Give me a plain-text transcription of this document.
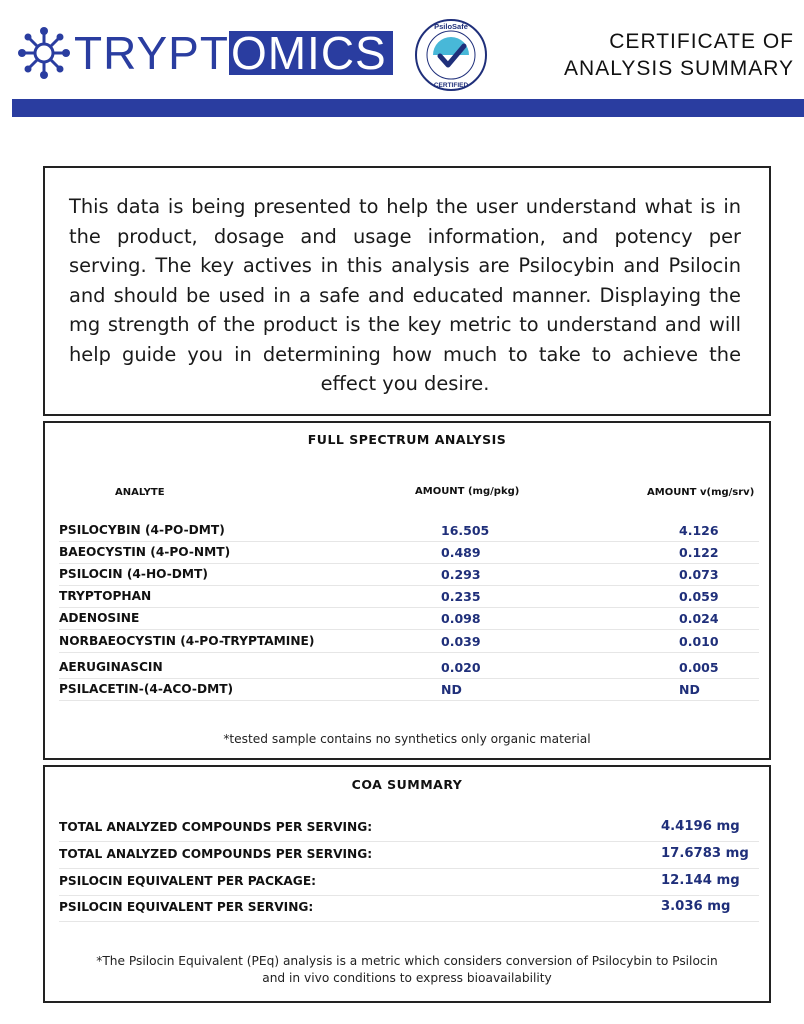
TRYPT OMICS
PsiloSafe
CERTIFIED
CERTIFICATE OF
ANALYSIS SUMMARY

This data is being presented to help the user understand what is in the product, dosage and usage information, and potency per serving. The key actives in this analysis are Psilocybin and Psilocin and should be used in a safe and educated manner. Displaying the mg strength of the product is the key metric to understand and will help guide you in determining how much to take to achieve the effect you desire.

FULL SPECTRUM ANALYSIS
ANALYTE	AMOUNT (mg/pkg)	AMOUNT v(mg/srv)
PSILOCYBIN (4-PO-DMT)	16.505	4.126
BAEOCYSTIN (4-PO-NMT)	0.489	0.122
PSILOCIN (4-HO-DMT)	0.293	0.073
TRYPTOPHAN	0.235	0.059
ADENOSINE	0.098	0.024
NORBAEOCYSTIN (4-PO-TRYPTAMINE)	0.039	0.010
AERUGINASCIN	0.020	0.005
PSILACETIN-(4-ACO-DMT)	ND	ND
*tested sample contains no synthetics only organic material
COA SUMMARY
TOTAL ANALYZED COMPOUNDS PER SERVING:	4.4196 mg
TOTAL ANALYZED COMPOUNDS PER SERVING:	17.6783 mg
PSILOCIN EQUIVALENT PER PACKAGE:	12.144 mg
PSILOCIN EQUIVALENT PER SERVING:	3.036 mg
*The Psilocin Equivalent (PEq) analysis is a metric which considers conversion of Psilocybin to Psilocin
and in vivo conditions to express bioavailability
